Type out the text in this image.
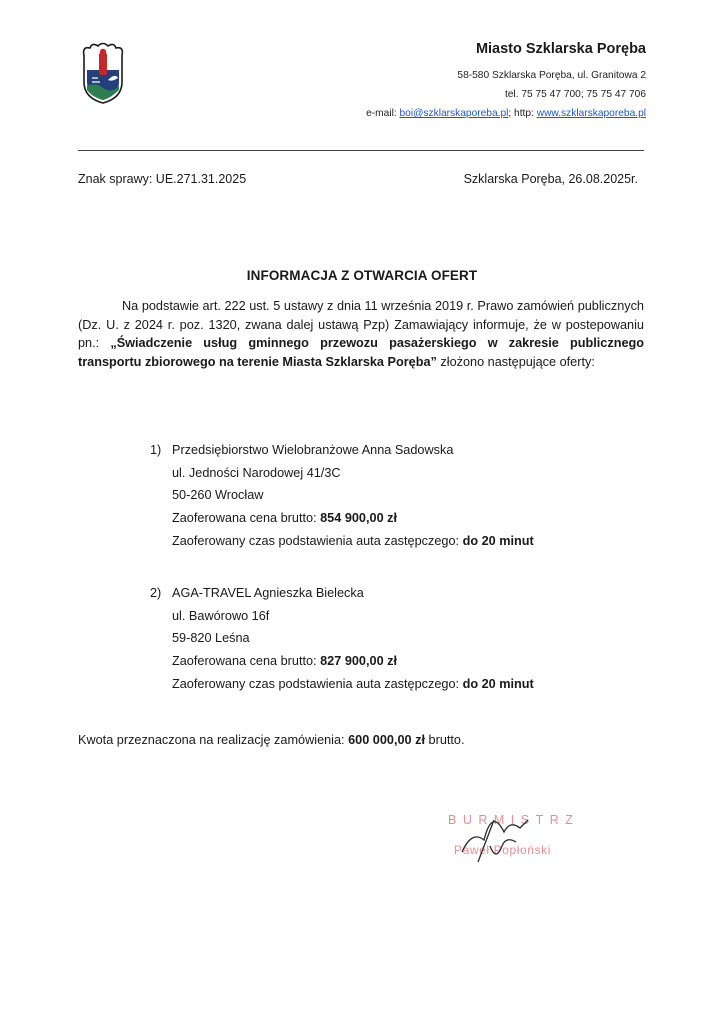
Miasto Szklarska Poręba
58-580 Szklarska Poręba, ul. Granitowa 2
tel. 75 75 47 700; 75 75 47 706
e-mail: boi@szklarskaporeba.pl; http: www.szklarskaporeba.pl
Znak sprawy: UE.271.31.2025	Szklarska Poręba, 26.08.2025r.
INFORMACJA Z OTWARCIA OFERT

Na podstawie art. 222 ust. 5 ustawy z dnia 11 września 2019 r. Prawo zamówień publicznych (Dz. U. z 2024 r. poz. 1320, zwana dalej ustawą Pzp) Zamawiający informuje, że w postepowaniu pn.: „Świadczenie usług gminnego przewozu pasażerskiego w zakresie publicznego transportu zbiorowego na terenie Miasta Szklarska Poręba” złożono następujące oferty:

1) Przedsiębiorstwo Wielobranżowe Anna Sadowska
ul. Jedności Narodowej 41/3C
50-260 Wrocław
Zaoferowana cena brutto: 854 900,00 zł
Zaoferowany czas podstawienia auta zastępczego: do 20 minut
2) AGA-TRAVEL Agnieszka Bielecka
ul. Bawórowo 16f
59-820 Leśna
Zaoferowana cena brutto: 827 900,00 zł
Zaoferowany czas podstawienia auta zastępczego: do 20 minut
Kwota przeznaczona na realizację zamówienia: 600 000,00 zł brutto.
BURMISTRZ
Paweł Popłoński
